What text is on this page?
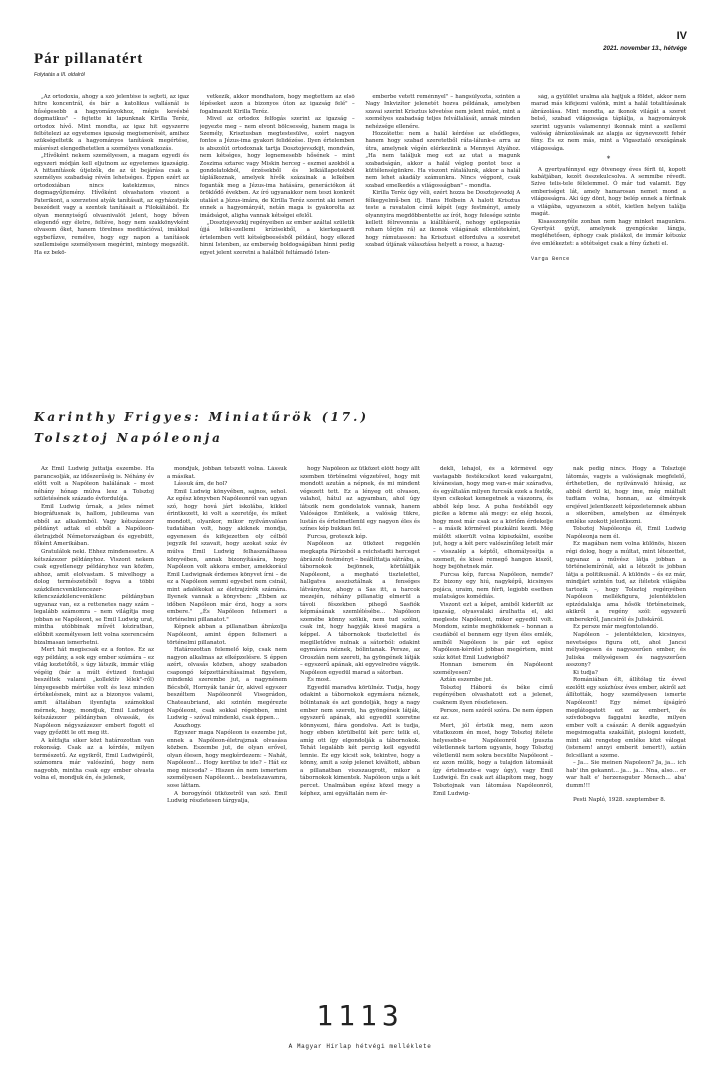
IV
2021. november 13., hétvége
Pár pillanatért
Folytatás a III. oldalról

„Az ortodoxia, ahogy a szó jelentése is sejteti, az igaz hitre koncentrál, és bár a katolikus vallásnál is hűségesebb a hagyományokhoz, mégis kevésbé dogmatikus" – fejtette ki lapunknak Kirilla Teréz, ortodox hívő. Mint mondta, az igaz hit egyszerre feltételezi az egyetemes igazság megismerését, amihez szükségeltetik a hagyományos tanítások megértése, másrészt elengedhetetlen a személyes vonatkozás.

„Hívőként nekem személyesen, a magam egyedi és egyszeri módján kell eljutnom az egyetemes igazságig. A hittanítások útjelzők, de az út bejárása csak a személyes szabadság révén lehetséges. Éppen ezért az ortodoxiában nincs katekizmus, nincs dogmagyűjtemény. Hívőként olvashatom viszont a Paterikont, a szerzetesi atyák tanításait, az egyházatyák beszédeit vagy a szentek tanításait a Filokáliából. Ez olyan mennyiségű olvasnivalót jelent, hogy bőven elegendő egy életre, feltéve, hogy nem szakkönyvként olvasom őket, hanem törelmes meditációval, imákkal egybefűzve, remélve, hogy egy napon a tanítások szellemisége személyesen megérint, mintegy megszólít. Ha ez bekö-

vetkezik, akkor mondhatom, hogy megtettem az első lépéseket azon a bizonyos úton az igazság felé" – fogalmazott Kirilla Teréz.

Mivel az ortodox felfogás szerint az igazság – jegyezte meg – nem elvont bölcsesség, hanem maga is Személy, Krisztusban megtestesülve, ezért nagyon fontos a Jézus-ima gyakori felidézése. Ilyen értelemben is abszolút ortodoxnak tartja Dosztojevszkijt, mondván, nem kétséges, hogy legnemesebb hősének – mint Zoszima sztarec vagy Miskin herceg – eszmei azokból a gondolatokból, érzésekből és lelkiállapotokból táplálkoznak, amelyek hívők százainak a lelkében foganták meg a Jézus-ima hatására, generációkon át öröklődő években. Az író ugyanakkor nem teszi konkrét utalást a Jézus-imára, de Kirilla Teréz szerint aki ismeri ennek a hagyományát, netán maga is gyakorolta az imádságot, aligha vannak kétségei efelől.

„Dosztojevszkij regényeiben az ember azáltal születik újjá lelki-szellemi krízisekből, a kierkegaardi értelemben vett kétségbeesésből például, hogy elkezd hinni Istenben, az emberség boldogságában hinni pedig egyet jelent szeretni a halálból feltámadó Isten-

emberbe vetett reménnyel" – hangsúlyozta, szintén a Nagy Inkvizítor jelenetét hozva példának, amelyben szavai szerint Krisztus követése nem jelent mást, mint a személyes szabadság teljes felvállalását, annak minden nehézsége ellenére.

Hozzátette: nem a halál kérdése az elsődleges, hanem hogy szabad szeretetből ráta-lálunk-e arra az útra, amelynek végén elérkezünk a Mennyei Atyához. „Ha nem találjuk meg ezt az utat a magunk szabadságán, akkor a halál végleg pontot tesz a küttélenségünkre. Ha viszont rátalálunk, akkor a halál nem lehet akadály számunkra. Nincs végpont, csak szabad emelkedés a világosságban" – mondta.

Kirilla Teréz úgy véli, ezért hozza be Dosztojevszkij A félkegyelmű-ben ifj. Hans Holbein A halott Krisztus teste a ravatalon című képét (egy festményt, amely olyannyira megdöbbentette az írót, hogy felesége szinte kellett félrevonnia a kiállításról, nehogy epilepsziás roham tőrjön rá) az ikonok világának ellentéteként, hogy rámutasson: ha Krisztust elfordulva a szeretet szabad útjának választása helyett a rossz, a hazug-

ság, a gyűlölet uralma alá hajtjuk a földet, akkor nem marad más kifejezni valónk, mint a halál totalitásának ábrázolása. Mint mondta, az ikonok világát a szeret belső, szabad világossága táplálja, a hagyományok szerint ugyanis valamennyi ikonnak mint a szellemi valóság ábrázolásának az alapja az úgynevezett fehér fény. És ez nem más, mint a Vigasztaló országának világossága.

*

A gyertyafénnyel egy ötvenegy éves férfi ül, kopott kabátjában, kezét összekulcsolva. A semmibe révedt. Szive telis-tele félelemmel. Ó már tud valamit. Egy emberiséget lát, amely hamarosan nemet mond a világosságra. Aki úgy dönt, hogy belép ennek a férfinak a világába, ugyanezen a sötét, kietlen helyen találja magát.

Kisasszonyféle zonban nem hagy minket magunkra. Gyertyát gyújt, amelynek gyengécske lángja, megléhetősen, éphogy csak pislákol, de immár kétszáz éve emlékeztet: a sötétséget csak a fény űzheti el.

Varga Bence

Karinthy Frigyes: Miniatűrök (17.)
Tolsztoj Napóleonja

Az Emil Ludwig juttatja eszembe. Ha parancsolják, az időszerűség is. Néhány év előtt volt a Napóleon halálának – most néhány hónap múlva lesz a Tolsztoj születésének százado évfordulója.

Emil Ludwig úrnak, a jeles német biográfusnak is, hallom, jubileuma van ebből az alkalomból. Vagy kétszázezer példányt adtak el ebből a Napóleon-életrajzból Németországban és egyebütt, főként Amerikában.

Gratulálok neki. Ehhez mindenesetre. A kétszázezer példányhoz. Viszont nekem csak egyetlenegy példányhoz van közöm, ahhoz, amit elolvastam. S mivelhogy a dolog természetéből fogva a többi százkilencvenkilencezer-kilencszázkilencvenkilenc példányban ugyanaz van, ez a rettenetes nagy szám – legalább számomra – nem világítja meg jobban se Napóleont, se Emil Ludwig urat, mintha utóbbinak művét kéziratban, előbbit személyesen lett volna szerencsém bizalmasan ismerhetni.

Mert hát megiscsak ez a fontos. Ez az egy példány, a sok egy ember számára – ez világ keztetőtől, s úgy látszik, immár világ végéig (bár a múlt évtized fontajai beszéltek valami „kollektív lélek"-ről) lényegesebb mértéke volt és lesz minden értékelésnek, mint az a bizonyos valami, amit általában ilyenfajta számokkal mérnek, hogy, mondjuk, Emil Ludwigot kétszázezer példányban olvassák, és Napóleon négyszázezer embert fogott el vagy győzött le ott meg itt.

A kétfajta siker közt határozottan van rokonság. Csak az a kérdés, milyen természetű. Az egyikről, Emil Ludwigéről, számomra már valószínű, hogy nem nagyobb, mintha csak egy ember olvasta volna el, mondjuk én, és jelenek,

mondjuk, jobban tetszett volna. Lássuk a másikat.

Lássuk ám, de hol?

Emil Ludwig könyvében, sajnos, sehol. Az egész könyvben Napóleonról van ugyan szó, hogy hová járt iskolába, kikkel érintkezett, ki volt a szeretője, és miket mondott, olyankor, mikor nyilvánvalóan tudatában volt, hogy akiknek mondja, egyenesen és kifejezetten oly célból jegyzik fel szavait, hogy azokat száz év múlva Emil Ludwig felhasználhassa könyvében, annak bizonyítására, hogy Napóleon volt akkora ember, amekkorául Emil Ludwignak érdemes könyvet írni – de ez a Napóleon semmi egyebet nem csinál, mint adalékokat az életrajzírók számára. Ilyenek vannak a könyvben: „Ebben az időben Napóleon már érzi, hogy a sors embere." „És Napóleon felismeri a történelmi pillanatot."

Képnek abban a pillanatban ábrázolja Napóleont, amint éppen felismeri a történelmi pillanatot.

Határozottan felemelő kép, csak nem nagyon alkalmas az elképzelésre. S éppen azért, olvasás közben, ahogy szabadon csapongó képzettársításaimat figyelem, mindenki szerembe jut, a nagynénem Bécsből, Hornyák tanár úr, akivel egyszer beszéltem Napóleonról Visegrádon, Chateaubriand, aki szintén megérezte Napóleont, csak sokkal régebben, mint Ludwig – szóval mindenki, csak éppen…

Azazhogy.

Egyszer maga Napóleon is eszembe jut, ennek a Napóleon-életrajznak olvasása közben. Eszembe jut, de olyan erővel, olyan élesen, hogy megkérdezem: – Nahát, Napóleon!… Hogy kerülsz te ide? – Hát ez meg micsoda? – Hiszen én nem ismertem személyesen Napóleont… bestelszavamra, sose láttam.

A borogyínói ütközetről van szó. Emil Ludwig részletesen tárgyalja,

hogy Napóleon az ütközet előtt hogy állt szemben történelmi végzetével, hogy mit mondott azután a népnek, és mi mindent végezett tett. Ez a lényeg ott olvason, valahol, hátul az agyamban, ahol úgy látszik nem gondolatok vannak, hanem Valóságos Emlékek, a valóság tükre, lustán és értelmetlenül egy nagyon éles és színes kép bukkan fel.

Furcsa, groteszk kép.

Napóleon az ütközet reggelén megkapta Párizsból a reichstadti herceget ábrázoló festményt – beállíttatja sátrába, a tábornokok bejönnek, körülállják Napóleont, a megható tisztelettel, hallgatva asszisztálnak a fenséges látványhoz, ahogy a Sas itt, a harcok mezején, néhány pillanatig elmerül a távoli fészekben pihegő Sasfiók képmásának szemlélésébe… Napóleon szemébe könny szökik, nem tud szólni, csak int, hogy hagyják kissé magára a képpel. A tábornokok tisztelettel és megilletődve nulnak a sátorból: odakint egymásra néznek, bólintanak. Persze, az Oroszlán nem szereti, ha gyöngének látják – egyszerű apának, aki egyvelreöre vágyik. Napóleon egyedül marad a sátorban.

És most.

Egyedül maradva körülnéz. Tudja, hogy odakint a tábornokok egymásra néznek, bólintanak és azt gondolják, hogy a nagy ember nem szereti, ha gyöngének látják, egyszerű apának, aki egyedül szeretne könnyezni, fiára gondolva. Azt is tudja, hogy ebben körülbelül két perc telik el, amíg ott így elgondolják a tábornokok. Tehát legalább két percig kell egyedül lennie. Ez egy kicsit sok, tekintve, hogy a könny, amit a szép jelenet kiváltott, abban a pillanatban viszszaugrott, mikor a tábornokok kimentek. Napóleon unja a két percet. Unalmában egész közel megy a képhez, ami egyáltalán nem ér-

dekli, lehajol, és a körmével egy vastagabb festékcsíkot kezd vakargatni, kívánesian, hogy meg van-e már száradva, és egyáltalán milyen furcsák ezek a festők, ilyen csikokat kenegetnek a vászonra, és abból kép lesz. A puha festékből egy picike a körme alá megy: ez elég hozzá, hogy most már csak ez a körlőm érdekelje – a másik körmével piszkálni kezdi. Még múlőtt sikerült volna kipiszkálni, eszébe jut, hogy a két perc valószínűleg letelt már – visszalép a képtől, elhomályosítja a szemeit, és kissé remegő hangon kiszól, hogy bejöhetnek már.

Furcsa kép, furcsa Napóleon, nemde? Ez bizony egy hiú, nagyképű, kicsinyes pojáca, uraim, nem férfi, legjobb esetben mulatságos komédiás.

Viszont ezt a képet, amiből kiderült az igazság, olyasvalaki árulhatta el, aki megleste Napóleont, mikor egyedül volt. Mondom, szinte meghökkenek – honnan a csudából el bennem egy ilyen éles emlék, amiből Napóleon is pár ezt egész Napóleon-kérdést jobban megértem, mint száz kötet Emil Ludwigból?

Honnan ismerem én Napóleont személyesen?

Aztán eszembe jut.

Tolsztoj Háború és béke című regényében olvashatott ezt a jelenet, csaknem ilyen részletesen.

Persze, nem szóról szóra. De nem éppen ez az.

Mert, jól értsük meg, nem azon vitatkozom én most, hogy Tolsztoj itélete helyesebb-e Napóleonról (puszta véletlennek tartom ugyanis, hogy Tolsztoj véletlenül nem sokra becsülte Napóleont – ez azon múlik, hogy a tulajdon látomását így értelmezte-e vagy úgy), vagy Emil Ludwigé. Én csak azt állapítom meg, hogy Tolsztojnak van látomása Napóleonról, Emil Ludwig-

nak pedig nincs. Hogy a Tolsztojé látomás, vagyis a valóságnak megfelelő, érthetetlen, de nyilvánvaló hiúság, az abból derül ki, hogy ime, még miáltalt tudtam volna, honnan, az élmények erejével jelentkezett képzeletemnek abban a sikerében, amelyben az élmények emléke szokott jelentkezni.

Tolsztoj Napóleonja él, Emil Ludwig Napóleonja nem él.

Ez magában nem volna különös, hiszen régi dolog, hogy a múltat, mint létezettet, ugyanaz a művész látja jobban a történelemírónál, aki a létezőt is jobban látja a politikusnál. A különös – és ez már, mindjárt szintén tud, az ítéletek világába tartozik –, hogy Tolsztoj regényében Napóleon mellékfigura, jelentéktelen epizódalakja ama hősök történeteinek, akikről a regény szól: egyszerű emberekről, Jancsiról és Juliskáról.

Ez persze már megfontolandó.

Napóleon – jelentéktelen, kicsinyes, nevetséges figura ott, ahol Jancsi mélységesen és nagyszerűen ember, és Juliska mélységesen és nagyszerűen asszony?

Ki tudja?

Romániában élt, állítólag tíz évvel ezelőtt egy százhúsz éves ember, akiről azt állították, hogy személyesen ismerte Napóleont! Egy német újságíró meglátogatott ezt az embert, és szívdobogva faggatni kezdte, milyen ember volt a császár. A derék aggastyán megsimogatta szakállát, pislogni kezdett, mint aki rengeteg emléke közt válogat (istenem! annyi emberit ismert!), aztán felcsillant a szeme.

– Ja… Sie meinen Napoleon? Ja, ja… ich hab' ihn gekannt… ja… ja… Nna, also… er war halt e' herzensguter Mensch… aba' dumm!!!

Pesti Napló, 1928. szeptember 8.

1113
A Magyar Hírlap hétvégi melléklete
